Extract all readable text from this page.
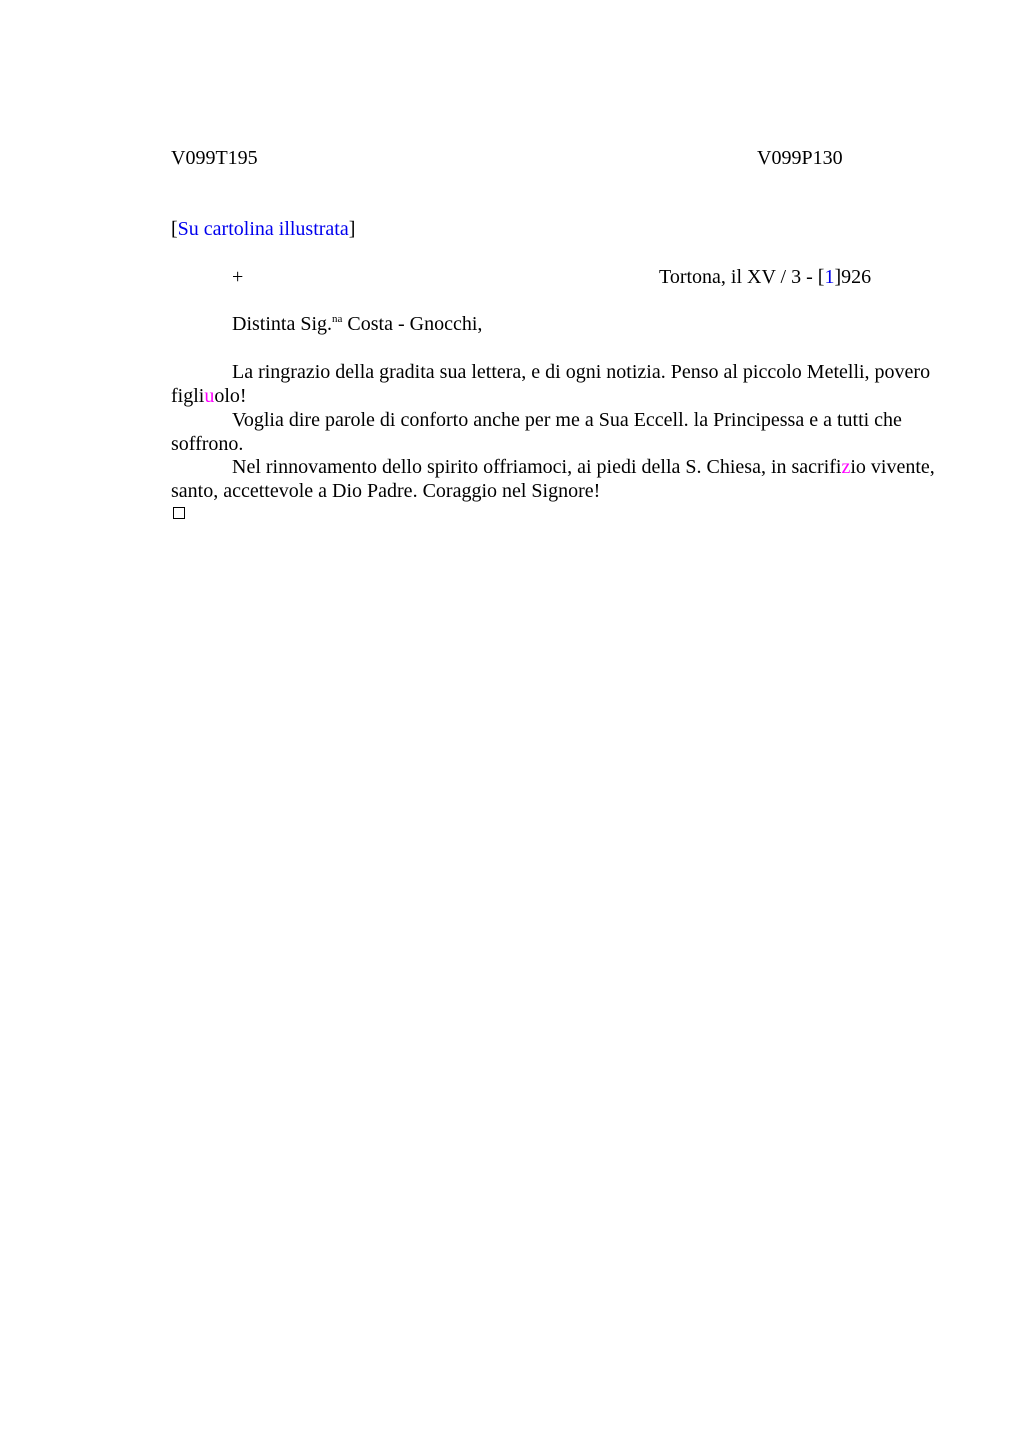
V099T195	V099P130
[Su cartolina illustrata]
+	Tortona, il XV / 3 - [1]926
Distinta Sig.$^{na}$ Costa - Gnocchi,

La ringrazio della gradita sua lettera, e di ogni notizia. Penso al piccolo Metelli, povero figliuolo!

Voglia dire parole di conforto anche per me a Sua Eccell. la Principessa e a tutti che soffrono.

Nel rinnovamento dello spirito offriamoci, ai piedi della S. Chiesa, in sacrifizio vivente, santo, accettevole a Dio Padre. Coraggio nel Signore!
